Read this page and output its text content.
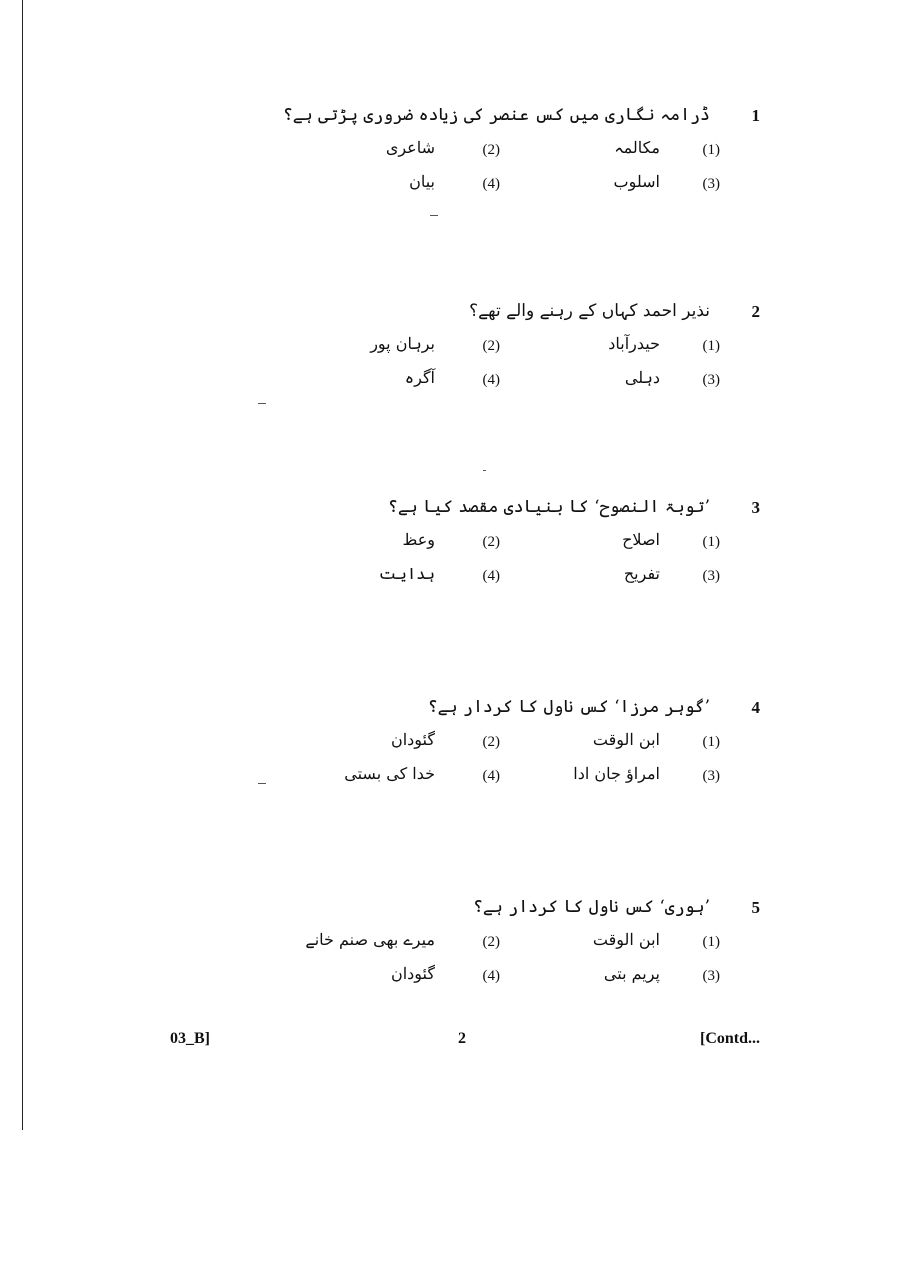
1
ڈرامہ نگاری میں کس عنصر کی زیادہ ضروری پڑتی ہے؟
(1)
مکالمہ
(2)
شاعری
(3)
اسلوب
(4)
بیان
2
نذیر احمد کہاں کے رہنے والے تھے؟
(1)
حیدرآباد
(2)
برہان پور
(3)
دہلی
(4)
آگرہ
3
’توبۃ النصوح‘ کا بنیادی مقصد کیا ہے؟
(1)
اصلاح
(2)
وعظ
(3)
تفریح
(4)
ہدایت
4
’گوہر مرزا‘ کس ناول کا کردار ہے؟
(1)
ابن الوقت
(2)
گئودان
(3)
امراؤ جان ادا
(4)
خدا کی بستی
5
’ہوری‘ کس ناول کا کردار ہے؟
(1)
ابن الوقت
(2)
میرے بھی صنم خانے
(3)
پریم بتی
(4)
گئودان
03_B]	2	[Contd...
